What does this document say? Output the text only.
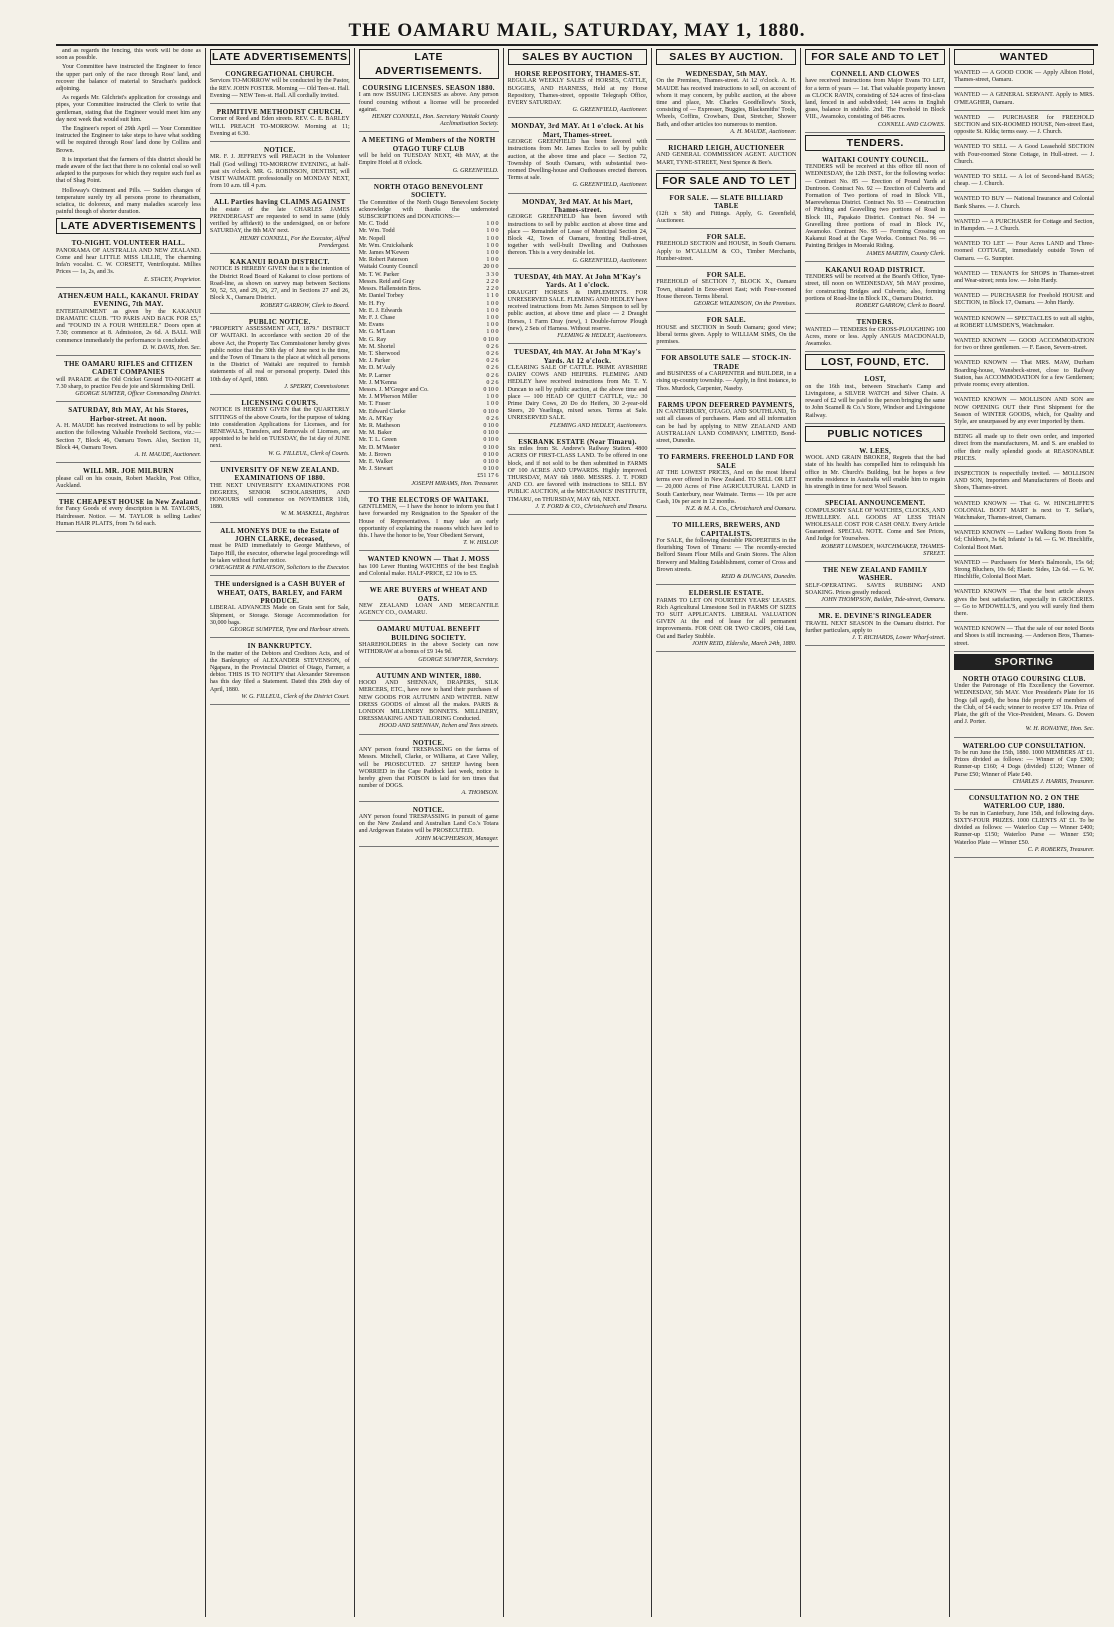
THE OAMARU MAIL, SATURDAY, MAY 1, 1880.

and as regards the fencing, this work will be done as soon as possible.

Your Committee have instructed the Engineer to fence the upper part only of the race through Ross' land, and recover the balance of material to Strachan's paddock adjoining.

As regards Mr. Gilchrist's application for crossings and pipes, your Committee instructed the Clerk to write that gentleman, stating that the Engineer would meet him any day next week that would suit him.

The Engineer's report of 29th April — Your Committee instructed the Engineer to take steps to have what sodding will be required through Ross' land done by Collins and Brown.

It is important that the farmers of this district should be made aware of the fact that there is no colonial coal so well adapted to the purposes for which they require such fuel as that of Shag Point.

Holloway's Ointment and Pills. — Sudden changes of temperature surely try all persons prone to rheumatism, sciatica, tic doloreux, and many maladies scarcely less painful though of shorter duration.

LATE ADVERTISEMENTS
TO-NIGHT. VOLUNTEER HALL.
PANORAMA OF AUSTRALIA AND NEW ZEALAND. Come and hear LITTLE MISS LILLIE, The charming Infa'n vocalist. C. W. CORSETT, Ventriloquist. Millies Prices — 1s, 2s, and 3s.
E. STACEY, Proprietor.
ATHENÆUM HALL, KAKANUI. FRIDAY EVENING, 7th MAY.
ENTERTAINMENT as given by the KAKANUI DRAMATIC CLUB. "TO PARIS AND BACK FOR £5," and "FOUND IN A FOUR WHEELER." Doors open at 7.30; commence at 8. Admission, 2s 6d. A BALL Will commence immediately the performance is concluded.
D. W. DAVIS, Hon. Sec.
THE OAMARU RIFLES and CITIZEN CADET COMPANIES
will PARADE at the Old Cricket Ground TO-NIGHT at 7.30 sharp, to practice Feu de joie and Skirmishing Drill.
GEORGE SUMTER, Officer Commanding District.
SATURDAY, 8th MAY, At his Stores, Harbor-street. At noon.
A. H. MAUDE has received instructions to sell by public auction the following Valuable Freehold Sections, viz.:— Section 7, Block 46, Oamaru Town. Also, Section 11, Block 44, Oamaru Town.
A. H. MAUDE, Auctioneer.
WILL MR. JOE MILBURN
please call on his cousin, Robert Macklin, Post Office, Auckland.
THE CHEAPEST HOUSE in New Zealand
for Fancy Goods of every description is M. TAYLOR'S, Hairdresser. Notice. — M. TAYLOR is selling Ladies' Human HAIR PLAITS, from 7s 6d each.
LATE ADVERTISEMENTS
CONGREGATIONAL CHURCH.
Services TO-MORROW will be conducted by the Pastor, the REV. JOHN FOSTER. Morning — Old Tees-st. Hall. Evening — NEW Tees-st. Hall. All cordially invited.
PRIMITIVE METHODIST CHURCH.
Corner of Reed and Eden streets. REV. C. E. BARLEY WILL PREACH TO-MORROW. Morning at 11; Evening at 6.30.
NOTICE.
MR. F. J. JEFFREYS will PREACH in the Volunteer Hall (God willing) TO-MORROW EVENING, at half-past six o'clock. MR. G. ROBINSON, DENTIST, will VISIT WAIMATE professionally on MONDAY NEXT, from 10 a.m. till 4 p.m.
ALL Parties having CLAIMS AGAINST
the estate of the late CHARLES JAMES PRENDERGAST are requested to send in same (duly verified by affidavit) to the undersigned, on or before SATURDAY, the 8th MAY next.
HENRY CONNELL, For the Executor, Alfred Prendergast.
KAKANUI ROAD DISTRICT.
NOTICE IS HEREBY GIVEN that it is the intention of the District Road Board of Kakanui to close portions of Road-line, as shown on survey map between Sections 50, 52, 53, and 29, 26, 27, and in Sections 27 and 26, Block X., Oamaru District.
ROBERT GARROW, Clerk to Board.
PUBLIC NOTICE.
"PROPERTY ASSESSMENT ACT, 1879." DISTRICT OF WAITAKI. In accordance with section 20 of the above Act, the Property Tax Commissioner hereby gives public notice that the 30th day of June next is the time, and the Town of Timaru is the place at which all persons in the District of Waitaki are required to furnish statements of all real or personal property. Dated this 10th day of April, 1880.
J. SPERRY, Commissioner.
LICENSING COURTS.
NOTICE IS HEREBY GIVEN that the QUARTERLY SITTINGS of the above Courts, for the purpose of taking into consideration Applications for Licenses, and for RENEWALS, Transfers, and Removals of Licenses, are appointed to be held on TUESDAY, the 1st day of JUNE next.
W. G. FILLEUL, Clerk of Courts.
UNIVERSITY OF NEW ZEALAND. EXAMINATIONS OF 1880.
THE NEXT UNIVERSITY EXAMINATIONS FOR DEGREES, SENIOR SCHOLARSHIPS, AND HONOURS will commence on NOVEMBER 11th, 1880.
W. M. MASKELL, Registrar.
ALL MONEYS DUE to the Estate of JOHN CLARKE, deceased,
must be PAID immediately to George Matthews, of Taipo Hill, the executor, otherwise legal proceedings will be taken without further notice.
O'MEAGHER & FINLAYSON, Solicitors to the Executor.
THE undersigned is a CASH BUYER of WHEAT, OATS, BARLEY, and FARM PRODUCE.
LIBERAL ADVANCES Made on Grain sent for Sale, Shipment, or Storage. Storage Accommodation for 30,000 bags.
GEORGE SUMPTER, Tyne and Harbour streets.
IN BANKRUPTCY.
In the matter of the Debtors and Creditors Acts, and of the Bankruptcy of ALEXANDER STEVENSON, of Ngapara, in the Provincial District of Otago, Farmer, a debtor. THIS IS TO NOTIFY that Alexander Stevenson has this day filed a Statement. Dated this 29th day of April, 1880.
W. G. FILLEUL, Clerk of the District Court.
LATE ADVERTISEMENTS.
COURSING LICENSES. SEASON 1880.
I am now ISSUING LICENSES as above. Any person found coursing without a license will be proceeded against.
HENRY CONNELL, Hon. Secretary Waitaki County Acclimatisation Society.
A MEETING of Members of the NORTH OTAGO TURF CLUB
will be held on TUESDAY NEXT, 4th MAY, at the Empire Hotel at 8 o'clock.
G. GREENFIELD.
NORTH OTAGO BENEVOLENT SOCIETY.
The Committee of the North Otago Benevolent Society acknowledge with thanks the undernoted SUBSCRIPTIONS and DONATIONS:—
Mr. C. Todd	1 0 0
Mr. Wm. Todd	1 0 0
Mr. Nopell	1 0 0
Mr. Wm. Cruickshank	1 0 0
Mr. James M'Kewen	1 0 0
Mr. Robert Paterson	1 0 0
Waitaki County Council	20 0 0
Mr. T. W. Parker	3 3 0
Messrs. Reid and Gray	2 2 0
Messrs. Hallenstein Bros.	2 2 0
Mr. Daniel Torbey	1 1 0
Mr. H. Fry	1 0 0
Mr. E. J. Edwards	1 0 0
Mr. F. J. Chase	1 0 0
Mr. Evans	1 0 0
Mr. G. M'Lean	1 0 0
Mr. G. Ray	0 10 0
Mr. M. Shortel	0 2 6
Mr. T. Sherwood	0 2 6
Mr. J. Parker	0 2 6
Mr. D. M'Auly	0 2 6
Mr. P. Larner	0 2 6
Mr. J. M'Kenna	0 2 6
Messrs. J. M'Gregor and Co.	0 10 0
Mr. J. M'Pherson Miller	1 0 0
Mr. T. Fraser	1 0 0
Mr. Edward Clarke	0 10 0
Mr. A. M'Kay	0 2 6
Mr. R. Matheson	0 10 0
Mr. M. Baker	0 10 0
Mr. T. L. Green	0 10 0
Mr. D. M'Master	0 10 0
Mr. J. Brown	0 10 0
Mr. E. Walker	0 10 0
Mr. J. Stewart	0 10 0
£51 17 6
JOSEPH MIRAMS, Hon. Treasurer.
TO THE ELECTORS OF WAITAKI.
GENTLEMEN, — I have the honor to inform you that I have forwarded my Resignation to the Speaker of the House of Representatives. I may take an early opportunity of explaining the reasons which have led to this. I have the honor to be, Your Obedient Servant,
T. W. HISLOP.
WANTED KNOWN — That J. MOSS
has 100 Lever Hunting WATCHES of the best English and Colonial make. HALF-PRICE, £2 10s to £5.
WE ARE BUYERS of WHEAT AND OATS.
NEW ZEALAND LOAN AND MERCANTILE AGENCY CO., OAMARU.
OAMARU MUTUAL BENEFIT BUILDING SOCIETY.
SHAREHOLDERS in the above Society can now WITHDRAW at a bonus of £9 14s 9d.
GEORGE SUMPTER, Secretary.
AUTUMN AND WINTER, 1880.
HOOD AND SHENNAN, DRAPERS, SILK MERCERS, ETC., have now to hand their purchases of NEW GOODS FOR AUTUMN AND WINTER. NEW DRESS GOODS of almost all the makes. PARIS & LONDON MILLINERY BONNETS. MILLINERY, DRESSMAKING AND TAILORING Conducted.
HOOD AND SHENNAN, Itchen and Tees streets.
NOTICE.
ANY person found TRESPASSING on the farms of Messrs. Mitchell, Clarke, or Williams, at Cave Valley, will be PROSECUTED. 27 SHEEP having been WORRIED in the Cape Paddock last week, notice is hereby given that POISON is laid for ten times that number of DOGS.
A. THOMSON.
NOTICE.
ANY person found TRESPASSING in pursuit of game on the New Zealand and Australian Land Co.'s Totara and Ardgowan Estates will be PROSECUTED.
JOHN MACPHERSON, Manager.
SALES BY AUCTION
HORSE REPOSITORY, THAMES-ST.
REGULAR WEEKLY SALES of HORSES, CATTLE, BUGGIES, AND HARNESS, Held at my Horse Repository, Thames-street, opposite Telegraph Office, EVERY SATURDAY.
G. GREENFIELD, Auctioneer.
MONDAY, 3rd MAY. At 1 o'clock. At his Mart, Thames-street.
GEORGE GREENFIELD has been favored with instructions from Mr. James Eccles to sell by public auction, at the above time and place — Section 72, Township of South Oamaru, with substantial two-roomed Dwelling-house and Outhouses erected thereon. Terms at sale.
G. GREENFIELD, Auctioneer.
MONDAY, 3rd MAY. At his Mart, Thames-street.
GEORGE GREENFIELD has been favored with instructions to sell by public auction at above time and place — Remainder of Lease of Municipal Section 24, Block 42, Town of Oamaru, fronting Hull-street, together with well-built Dwelling and Outhouses thereon. This is a very desirable lot.
G. GREENFIELD, Auctioneer.
TUESDAY, 4th MAY. At John M'Kay's Yards. At 1 o'clock.
DRAUGHT HORSES & IMPLEMENTS. FOR UNRESERVED SALE. FLEMING AND HEDLEY have received instructions from Mr. James Simpson to sell by public auction, at above time and place — 2 Draught Horses, 1 Farm Dray (new), 1 Double-furrow Plough (new), 2 Sets of Harness. Without reserve.
FLEMING & HEDLEY, Auctioneers.
TUESDAY, 4th MAY. At John M'Kay's Yards. At 12 o'clock.
CLEARING SALE OF CATTLE. PRIME AYRSHIRE DAIRY COWS AND HEIFERS. FLEMING AND HEDLEY have received instructions from Mr. T. Y. Duncan to sell by public auction, at the above time and place — 100 HEAD OF QUIET CATTLE, viz.: 30 Prime Dairy Cows, 20 Do do Heifers, 30 2-year-old Steers, 20 Yearlings, mixed sexes. Terms at Sale. UNRESERVED SALE.
FLEMING AND HEDLEY, Auctioneers.
ESKBANK ESTATE (Near Timaru).
Six miles from St. Andrew's Railway Station. 4800 ACRES OF FIRST-CLASS LAND. To be offered in one block, and if not sold to be then submitted in FARMS OF 100 ACRES AND UPWARDS. Highly improved. THURSDAY, MAY 6th 1880. MESSRS. J. T. FORD AND CO. are favored with instructions to SELL BY PUBLIC AUCTION, at the MECHANICS' INSTITUTE, TIMARU, on THURSDAY, MAY 6th, NEXT.
J. T. FORD & CO., Christchurch and Timaru.
SALES BY AUCTION.
WEDNESDAY, 5th MAY.
On the Premises, Thames-street. At 12 o'clock. A. H. MAUDE has received instructions to sell, on account of whom it may concern, by public auction, at the above time and place, Mr. Charles Goodfellow's Stock, consisting of — Expresser, Buggies, Blacksmiths' Tools, Wheels, Coffins, Crowbars, Dust, Stretcher, Shower Bath, and other articles too numerous to mention.
A. H. MAUDE, Auctioneer.
RICHARD LEIGH, AUCTIONEER
AND GENERAL COMMISSION AGENT. AUCTION MART, TYNE-STREET, Next Spence & Bee's.
FOR SALE AND TO LET
FOR SALE. — SLATE BILLIARD TABLE
(12ft x 5ft) and Fittings. Apply, G. Greenfield, Auctioneer.
FOR SALE.
FREEHOLD SECTION and HOUSE, in South Oamaru. Apply to M'CALLUM & CO., Timber Merchants, Humber-street.
FOR SALE.
FREEHOLD of SECTION 7, BLOCK X., Oamaru Town, situated in Eexe-street East; with Four-roomed House thereon. Terms liberal.
GEORGE WILKINSON, On the Premises.
FOR SALE.
HOUSE and SECTION in South Oamaru; good view; liberal terms given. Apply to WILLIAM SIMS, On the premises.
FOR ABSOLUTE SALE — STOCK-IN-TRADE
and BUSINESS of a CARPENTER and BUILDER, in a rising up-country township. — Apply, in first instance, to Thos. Murdock, Carpenter, Naseby.
FARMS UPON DEFERRED PAYMENTS,
IN CANTERBURY, OTAGO, AND SOUTHLAND, To suit all classes of purchasers. Plans and all information can be had by applying to NEW ZEALAND AND AUSTRALIAN LAND COMPANY, LIMITED, Bond-street, Dunedin.
TO FARMERS. FREEHOLD LAND FOR SALE
AT THE LOWEST PRICES, And on the most liberal terms ever offered in New Zealand. TO SELL OR LET — 20,000 Acres of Fine AGRICULTURAL LAND in South Canterbury, near Waimate. Terms — 10s per acre Cash, 10s per acre in 12 months.
N.Z. & M. A. Co., Christchurch and Oamaru.
TO MILLERS, BREWERS, AND CAPITALISTS.
For SALE, the following desirable PROPERTIES in the flourishing Town of Timaru: — The recently-erected Belford Steam Flour Mills and Grain Stores. The Alton Brewery and Malting Establishment, corner of Cross and Brown streets.
REID & DUNCANS, Dunedin.
ELDERSLIE ESTATE.
FARMS TO LET ON FOURTEEN YEARS' LEASES. Rich Agricultural Limestone Soil in FARMS OF SIZES TO SUIT APPLICANTS. LIBERAL VALUATION GIVEN At the end of lease for all permanent improvements. FOR ONE OR TWO CROPS, Old Lea, Oat and Barley Stubble.
JOHN REID, Elderslie, March 24th, 1880.
FOR SALE AND TO LET
CONNELL AND CLOWES
have received instructions from Major Evans TO LET, for a term of years — 1st. That valuable property known as CLOCK RAVIN, consisting of 524 acres of first-class land, fenced in and subdivided; 144 acres in English grass, balance in stubble. 2nd. The Freehold in Block VIII., Awamoko, consisting of 846 acres.
CONNELL AND CLOWES.
TENDERS.
WAITAKI COUNTY COUNCIL.
TENDERS will be received at this office till noon of WEDNESDAY, the 12th INST., for the following works: — Contract No. 85 — Erection of Pound Yards at Duntroon. Contract No. 92 — Erection of Culverts and Formation of Two portions of road in Block VII., Maerewhenua District. Contract No. 93 — Construction of Pitching and Gravelling two portions of Road in Block III., Papakaio District. Contract No. 94 — Gravelling three portions of road in Block IV., Awamoko. Contract No. 95 — Forming Crossing on Kakanui Road at the Cape Works. Contract No. 96 — Painting Bridges in Moeraki Riding.
JAMES MARTIN, County Clerk.
KAKANUI ROAD DISTRICT.
TENDERS will be received at the Board's Office, Tyne-street, till noon on WEDNESDAY, 5th MAY proximo, for constructing Bridges and Culverts; also, forming portions of Road-line in Block IX., Oamaru District.
ROBERT GARROW, Clerk to Board.
TENDERS.
WANTED — TENDERS for CROSS-PLOUGHING 100 Acres, more or less. Apply ANGUS MACDONALD, Awamoko.
LOST, FOUND, ETC.
LOST,
on the 16th inst., between Strachan's Camp and Livingstone, a SILVER WATCH and Silver Chain. A reward of £2 will be paid to the person bringing the same to John Scamell & Co.'s Store, Windsor and Livingstone Railway.
PUBLIC NOTICES
W. LEES,
WOOL AND GRAIN BROKER, Regrets that the bad state of his health has compelled him to relinquish his office in Mr. Church's Building, but he hopes a few months residence in Australia will enable him to regain his strength in time for next Wool Season.
SPECIAL ANNOUNCEMENT.
COMPULSORY SALE OF WATCHES, CLOCKS, AND JEWELLERY. ALL GOODS AT LESS THAN WHOLESALE COST FOR CASH ONLY. Every Article Guaranteed. SPECIAL NOTE. Come and See Prices, And Judge for Yourselves.
ROBERT LUMSDEN, WATCHMAKER, THAMES-STREET.
THE NEW ZEALAND FAMILY WASHER.
SELF-OPERATING. SAVES RUBBING AND SOAKING. Prices greatly reduced.
JOHN THOMPSON, Builder, Tide-street, Oamaru.
MR. E. DEVINE'S RINGLEADER
TRAVEL NEXT SEASON In the Oamaru district. For further particulars, apply to
J. T. RICHARDS, Lower Wharf-street.
WANTED
WANTED — A GOOD COOK — Apply Albion Hotel, Thames-street, Oamaru.
WANTED — A GENERAL SERVANT. Apply to MRS. O'MEAGHER, Oamaru.
WANTED — PURCHASER for FREEHOLD SECTION and SIX-ROOMED HOUSE, Nen-street East, opposite St. Kilda; terms easy. — J. Church.
WANTED TO SELL — A Good Leasehold SECTION with Four-roomed Stone Cottage, in Hull-street. — J. Church.
WANTED TO SELL — A lot of Second-hand BAGS; cheap. — J. Church.
WANTED TO BUY — National Insurance and Colonial Bank Shares. — J. Church.
WANTED — A PURCHASER for Cottage and Section, in Hampden. — J. Church.
WANTED TO LET — Four Acres LAND and Three-roomed COTTAGE, immediately outside Town of Oamaru. — G. Sumpter.
WANTED — TENANTS for SHOPS in Thames-street and Wear-street; rents low. — John Hardy.
WANTED — PURCHASER for Freehold HOUSE and SECTION, in Block 17, Oamaru. — John Hardy.
WANTED KNOWN — SPECTACLES to suit all sights, at ROBERT LUMSDEN'S, Watchmaker.
WANTED KNOWN — GOOD ACCOMMODATION for two or three gentlemen. — F. Eason, Severn-street.
WANTED KNOWN — That MRS. MAW, Durham Boarding-house, Wansbeck-street, close to Railway Station, has ACCOMMODATION for a few Gentlemen; private rooms; every attention.
WANTED KNOWN — MOLLISON AND SON are NOW OPENING OUT their First Shipment for the Season of WINTER GOODS, which, for Quality and Style, are unsurpassed by any ever imported by them.
BEING all made up to their own order, and imported direct from the manufacturers, M. and S. are enabled to offer their really splendid goods at REASONABLE PRICES.
INSPECTION is respectfully invited. — MOLLISON AND SON, Importers and Manufacturers of Boots and Shoes, Thames-street.
WANTED KNOWN — That G. W. HINCHLIFFE'S COLONIAL BOOT MART is next to T. Sellar's, Watchmaker, Thames-street, Oamaru.
WANTED KNOWN — Ladies' Walking Boots from 5s 6d; Children's, 3s 6d; Infants' 1s 6d. — G. W. Hinchliffe, Colonial Boot Mart.
WANTED — Purchasers for Men's Balmorals, 15s 6d; Strong Bluchers, 10s 6d; Elastic Sides, 12s 6d. — G. W. Hinchliffe, Colonial Boot Mart.
WANTED KNOWN — That the best article always gives the best satisfaction, especially in GROCERIES. — Go to M'DOWELL'S, and you will surely find them there.
WANTED KNOWN — That the sale of our noted Boots and Shoes is still increasing. — Anderson Bros, Thames-street.
SPORTING
NORTH OTAGO COURSING CLUB.
Under the Patronage of His Excellency the Governor. WEDNESDAY, 5th MAY. Vice President's Plate for 16 Dogs (all aged), the bona fide property of members of the Club, of £4 each; winner to receive £37 10s. Prize of Plate, the gift of the Vice-President, Messrs. G. Dowen and J. Porter.
W. H. RONAYNE, Hon. Sec.
WATERLOO CUP CONSULTATION.
To be run June the 15th, 1880. 1000 MEMBERS AT £1. Prizes divided as follows: — Winner of Cup £300; Runner-up £160; 4 Dogs (divided) £120; Winner of Purse £50; Winner of Plate £40.
CHARLES J. HARRIS, Treasurer.
CONSULTATION NO. 2 ON THE WATERLOO CUP, 1880.
To be run in Canterbury, June 15th, and following days. SIXTY-FOUR PRIZES. 1000 CLIENTS AT £1. To be divided as follows: — Waterloo Cup — Winner £400; Runner-up £150; Waterloo Purse — Winner £50; Waterloo Plate — Winner £50.
C. P. ROBERTS, Treasurer.
